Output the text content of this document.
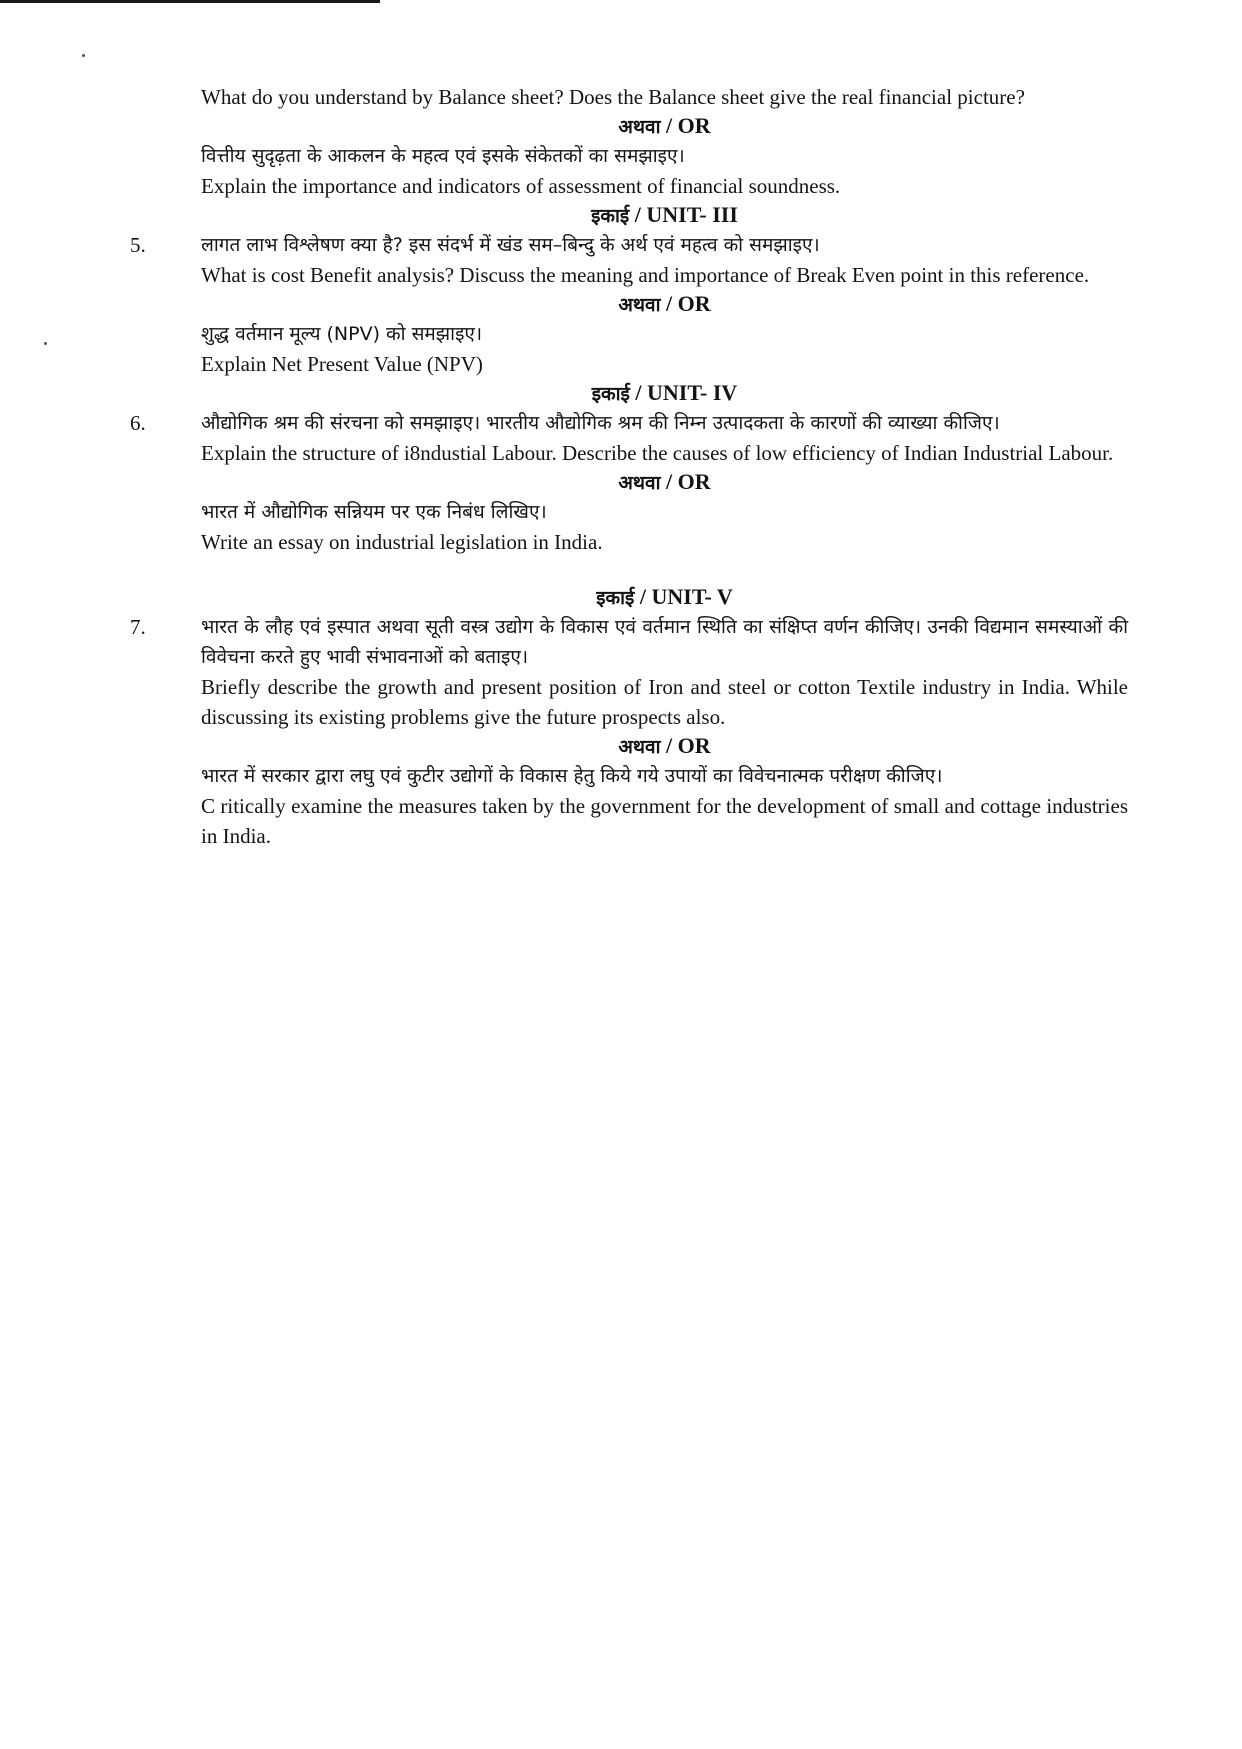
What do you understand by Balance sheet? Does the Balance sheet give the real financial picture?

अथवा / OR

वित्तीय सुदृढ़ता के आकलन के महत्व एवं इसके संकेतकों का समझाइए।

Explain the importance and indicators of assessment of financial soundness.

इकाई / UNIT- III

5.	लागत लाभ विश्लेषण क्या है? इस संदर्भ में खंड सम–बिन्दु के अर्थ एवं महत्व को समझाइए।

What is cost Benefit analysis? Discuss the meaning and importance of Break Even point in this reference.

अथवा / OR

शुद्ध वर्तमान मूल्य (NPV) को समझाइए।

Explain Net Present Value (NPV)

इकाई / UNIT- IV

6.	औद्योगिक श्रम की संरचना को समझाइए। भारतीय औद्योगिक श्रम की निम्न उत्पादकता के कारणों की व्याख्या कीजिए।

Explain the structure of i8ndustial Labour. Describe the causes of low efficiency of Indian Industrial Labour.

अथवा / OR

भारत में औद्योगिक सन्नियम पर एक निबंध लिखिए।

Write an essay on industrial legislation in India.

इकाई / UNIT- V

7.	भारत के लौह एवं इस्पात अथवा सूती वस्त्र उद्योग के विकास एवं वर्तमान स्थिति का संक्षिप्त वर्णन कीजिए। उनकी विद्यमान समस्याओं की विवेचना करते हुए भावी संभावनाओं को बताइए।

Briefly describe the growth and present position of Iron and steel or cotton Textile industry in India. While discussing its existing problems give the future prospects also.

अथवा / OR

भारत में सरकार द्वारा लघु एवं कुटीर उद्योगों के विकास हेतु किये गये उपायों का विवेचनात्मक परीक्षण कीजिए।

C ritically examine the measures taken by the government for the development of small and cottage industries in India.
